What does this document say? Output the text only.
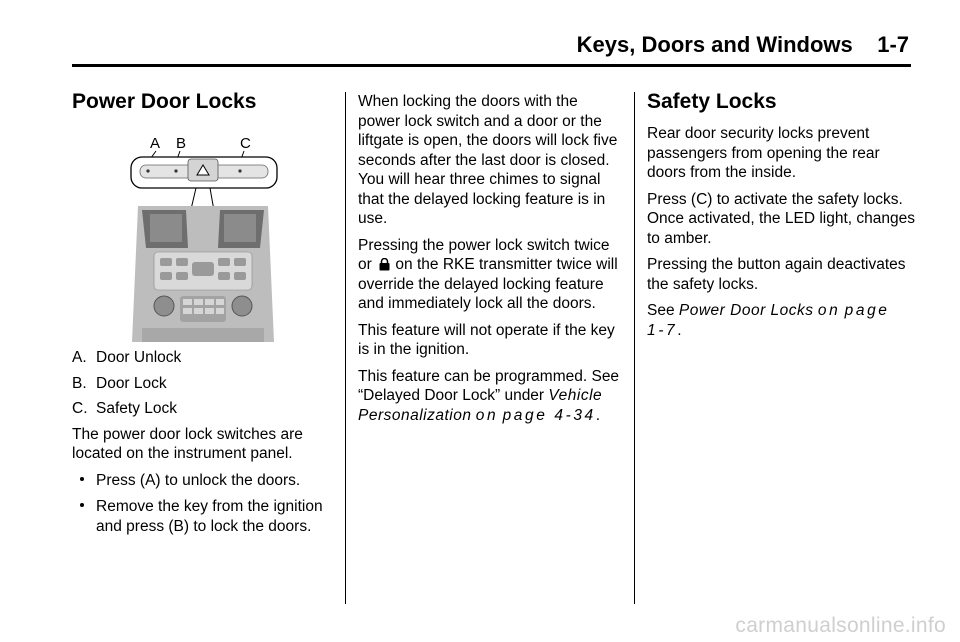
Keys, Doors and Windows 1-7
Power Door Locks
A B	C

A. Door Unlock

B. Door Lock

C. Safety Lock

The power door lock switches are located on the instrument panel.

Press (A) to unlock the doors.

Remove the key from the ignition and press (B) to lock the doors.

When locking the doors with the power lock switch and a door or the liftgate is open, the doors will lock five seconds after the last door is closed. You will hear three chimes to signal that the delayed locking feature is in use.

Pressing the power lock switch twice or on the RKE transmitter twice will override the delayed locking feature and immediately lock all the doors.

This feature will not operate if the key is in the ignition.

This feature can be programmed. See “Delayed Door Lock” under Vehicle Personalization on page 4‑34.

Safety Locks

Rear door security locks prevent passengers from opening the rear doors from the inside.

Press (C) to activate the safety locks. Once activated, the LED light, changes to amber.

Pressing the button again deactivates the safety locks.

See Power Door Locks on page 1‑7.

carmanualsonline.info
